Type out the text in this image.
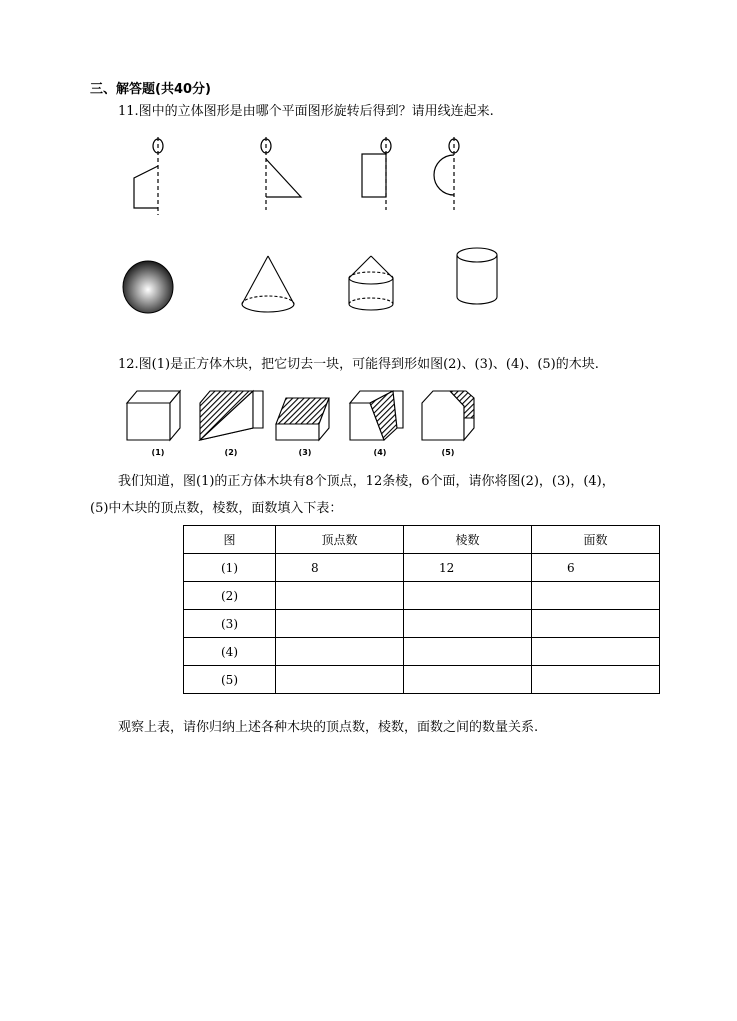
三、解答题(共40分)
11.图中的立体图形是由哪个平面图形旋转后得到？请用线连起来.
12.图(1)是正方体木块，把它切去一块，可能得到形如图(2)、(3)、(4)、(5)的木块.
(1)	(2)	(3)	(4)	(5)
我们知道，图(1)的正方体木块有8个顶点，12条棱，6个面，请你将图(2)，(3)，(4)，
(5)中木块的顶点数，棱数，面数填入下表：
图	顶点数	棱数	面数
(1)	8	12	6
(2)			
(3)			
(4)			
(5)			
观察上表，请你归纳上述各种木块的顶点数，棱数，面数之间的数量关系.
